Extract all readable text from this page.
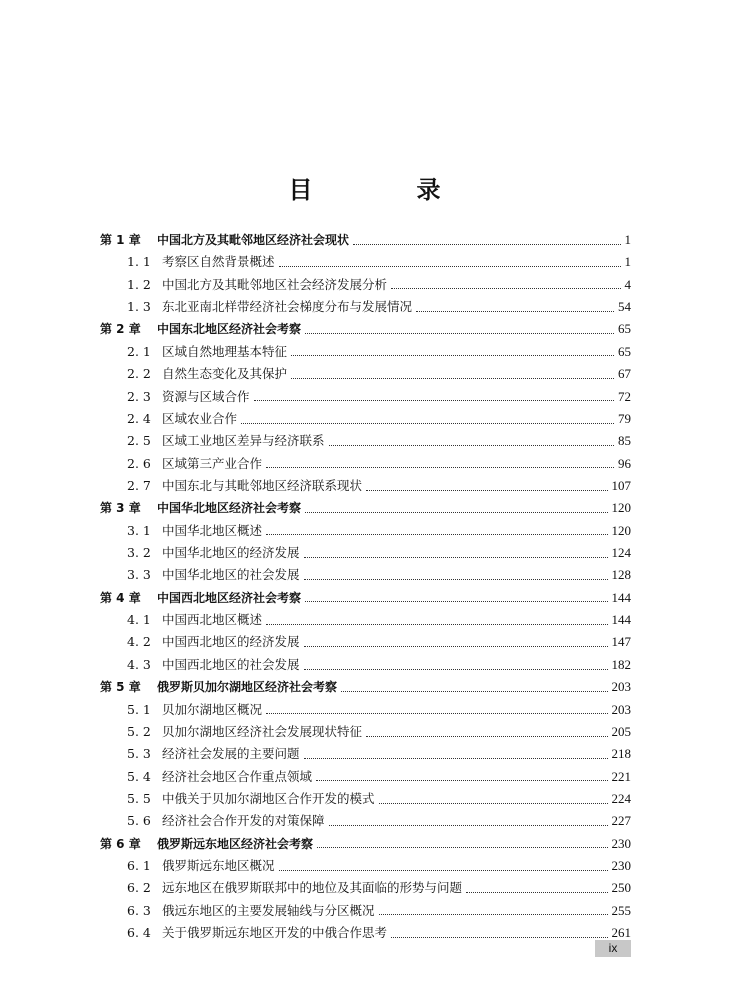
目　录
第 1 章	中国北方及其毗邻地区经济社会现状	1
1. 1 考察区自然背景概述	1
1. 2 中国北方及其毗邻地区社会经济发展分析	4
1. 3 东北亚南北样带经济社会梯度分布与发展情况	54
第 2 章	中国东北地区经济社会考察	65
2. 1 区域自然地理基本特征	65
2. 2 自然生态变化及其保护	67
2. 3 资源与区域合作	72
2. 4 区域农业合作	79
2. 5 区域工业地区差异与经济联系	85
2. 6 区域第三产业合作	96
2. 7 中国东北与其毗邻地区经济联系现状	107
第 3 章	中国华北地区经济社会考察	120
3. 1 中国华北地区概述	120
3. 2 中国华北地区的经济发展	124
3. 3 中国华北地区的社会发展	128
第 4 章	中国西北地区经济社会考察	144
4. 1 中国西北地区概述	144
4. 2 中国西北地区的经济发展	147
4. 3 中国西北地区的社会发展	182
第 5 章	俄罗斯贝加尔湖地区经济社会考察	203
5. 1 贝加尔湖地区概况	203
5. 2 贝加尔湖地区经济社会发展现状特征	205
5. 3 经济社会发展的主要问题	218
5. 4 经济社会地区合作重点领域	221
5. 5 中俄关于贝加尔湖地区合作开发的模式	224
5. 6 经济社会合作开发的对策保障	227
第 6 章	俄罗斯远东地区经济社会考察	230
6. 1 俄罗斯远东地区概况	230
6. 2 远东地区在俄罗斯联邦中的地位及其面临的形势与问题	250
6. 3 俄远东地区的主要发展轴线与分区概况	255
6. 4 关于俄罗斯远东地区开发的中俄合作思考	261
ix
